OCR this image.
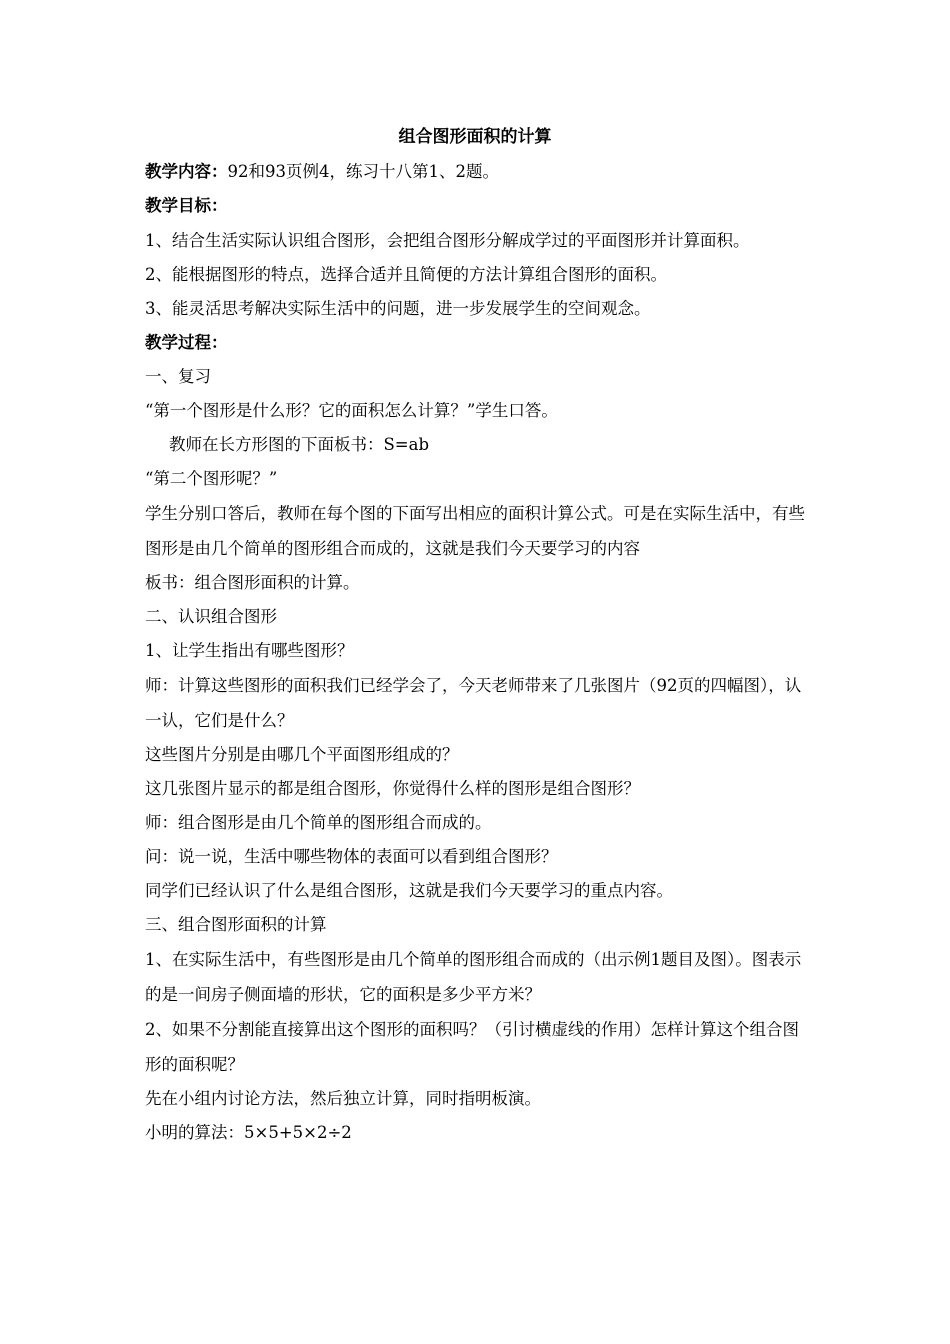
组合图形面积的计算

教学内容：92和93页例4，练习十八第1、2题。

教学目标：

1、结合生活实际认识组合图形，会把组合图形分解成学过的平面图形并计算面积。

2、能根据图形的特点，选择合适并且简便的方法计算组合图形的面积。

3、能灵活思考解决实际生活中的问题，进一步发展学生的空间观念。

教学过程：

一、复习

“第一个图形是什么形？它的面积怎么计算？”学生口答。

教师在长方形图的下面板书：S=ab

“第二个图形呢？”

学生分别口答后，教师在每个图的下面写出相应的面积计算公式。可是在实际生活中，有些图形是由几个简单的图形组合而成的，这就是我们今天要学习的内容

板书：组合图形面积的计算。

二、认识组合图形

1、让学生指出有哪些图形？

师：计算这些图形的面积我们已经学会了，今天老师带来了几张图片（92页的四幅图），认一认，它们是什么？

这些图片分别是由哪几个平面图形组成的？

这几张图片显示的都是组合图形，你觉得什么样的图形是组合图形？

师：组合图形是由几个简单的图形组合而成的。

问：说一说，生活中哪些物体的表面可以看到组合图形？

同学们已经认识了什么是组合图形，这就是我们今天要学习的重点内容。

三、组合图形面积的计算

1、在实际生活中，有些图形是由几个简单的图形组合而成的（出示例1题目及图）。图表示的是一间房子侧面墙的形状，它的面积是多少平方米？

2、如果不分割能直接算出这个图形的面积吗？（引讨横虚线的作用）怎样计算这个组合图形的面积呢？

先在小组内讨论方法，然后独立计算，同时指明板演。

小明的算法：5×5+5×2÷2
